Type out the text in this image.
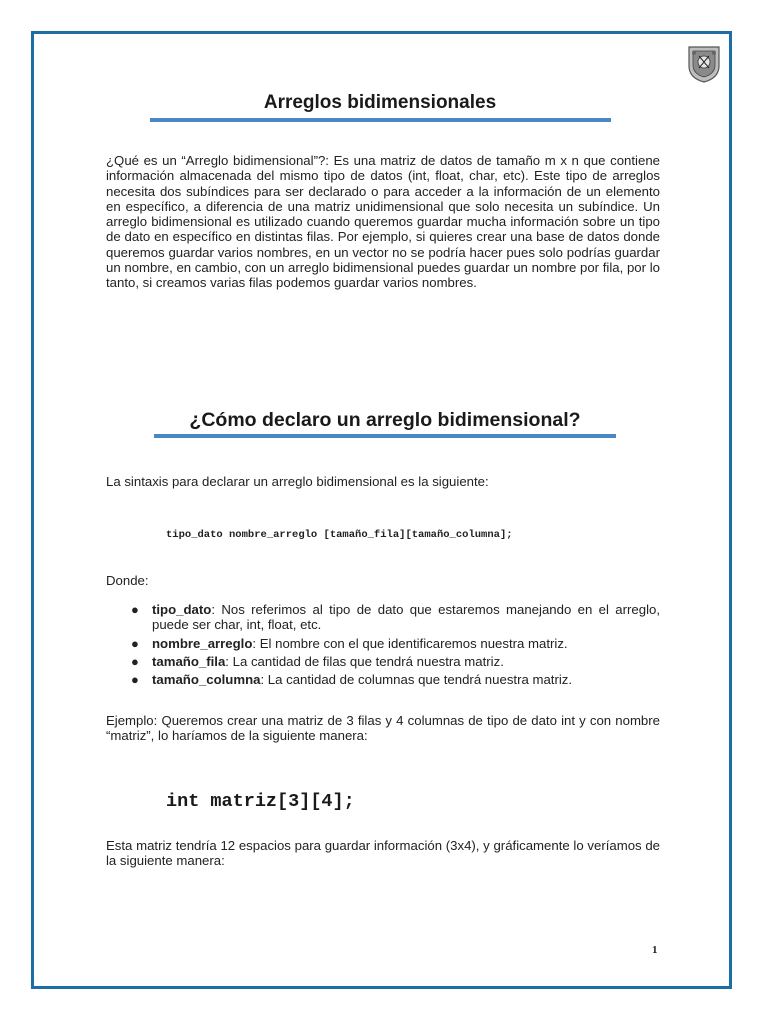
Arreglos bidimensionales
¿Qué es un “Arreglo bidimensional”?: Es una matriz de datos de tamaño m x n que contiene información almacenada del mismo tipo de datos (int, float, char, etc). Este tipo de arreglos necesita dos subíndices para ser declarado o para acceder a la información de un elemento en específico, a diferencia de una matriz unidimensional que solo necesita un subíndice. Un arreglo bidimensional es utilizado cuando queremos guardar mucha información sobre un tipo de dato en específico en distintas filas. Por ejemplo, si quieres crear una base de datos donde queremos guardar varios nombres, en un vector no se podría hacer pues solo podrías guardar un nombre, en cambio, con un arreglo bidimensional puedes guardar un nombre por fila, por lo tanto, si creamos varias filas podemos guardar varios nombres.
¿Cómo declaro un arreglo bidimensional?
La sintaxis para declarar un arreglo bidimensional es la siguiente:
tipo_dato nombre_arreglo [tamaño_fila][tamaño_columna];
Donde:
● tipo_dato: Nos referimos al tipo de dato que estaremos manejando en el arreglo, puede ser char, int, float, etc.
● nombre_arreglo: El nombre con el que identificaremos nuestra matriz.
● tamaño_fila: La cantidad de filas que tendrá nuestra matriz.
● tamaño_columna: La cantidad de columnas que tendrá nuestra matriz.
Ejemplo: Queremos crear una matriz de 3 filas y 4 columnas de tipo de dato int y con nombre “matriz”, lo haríamos de la siguiente manera:
int matriz[3][4];
Esta matriz tendría 12 espacios para guardar información (3x4), y gráficamente lo veríamos de la siguiente manera:
1
